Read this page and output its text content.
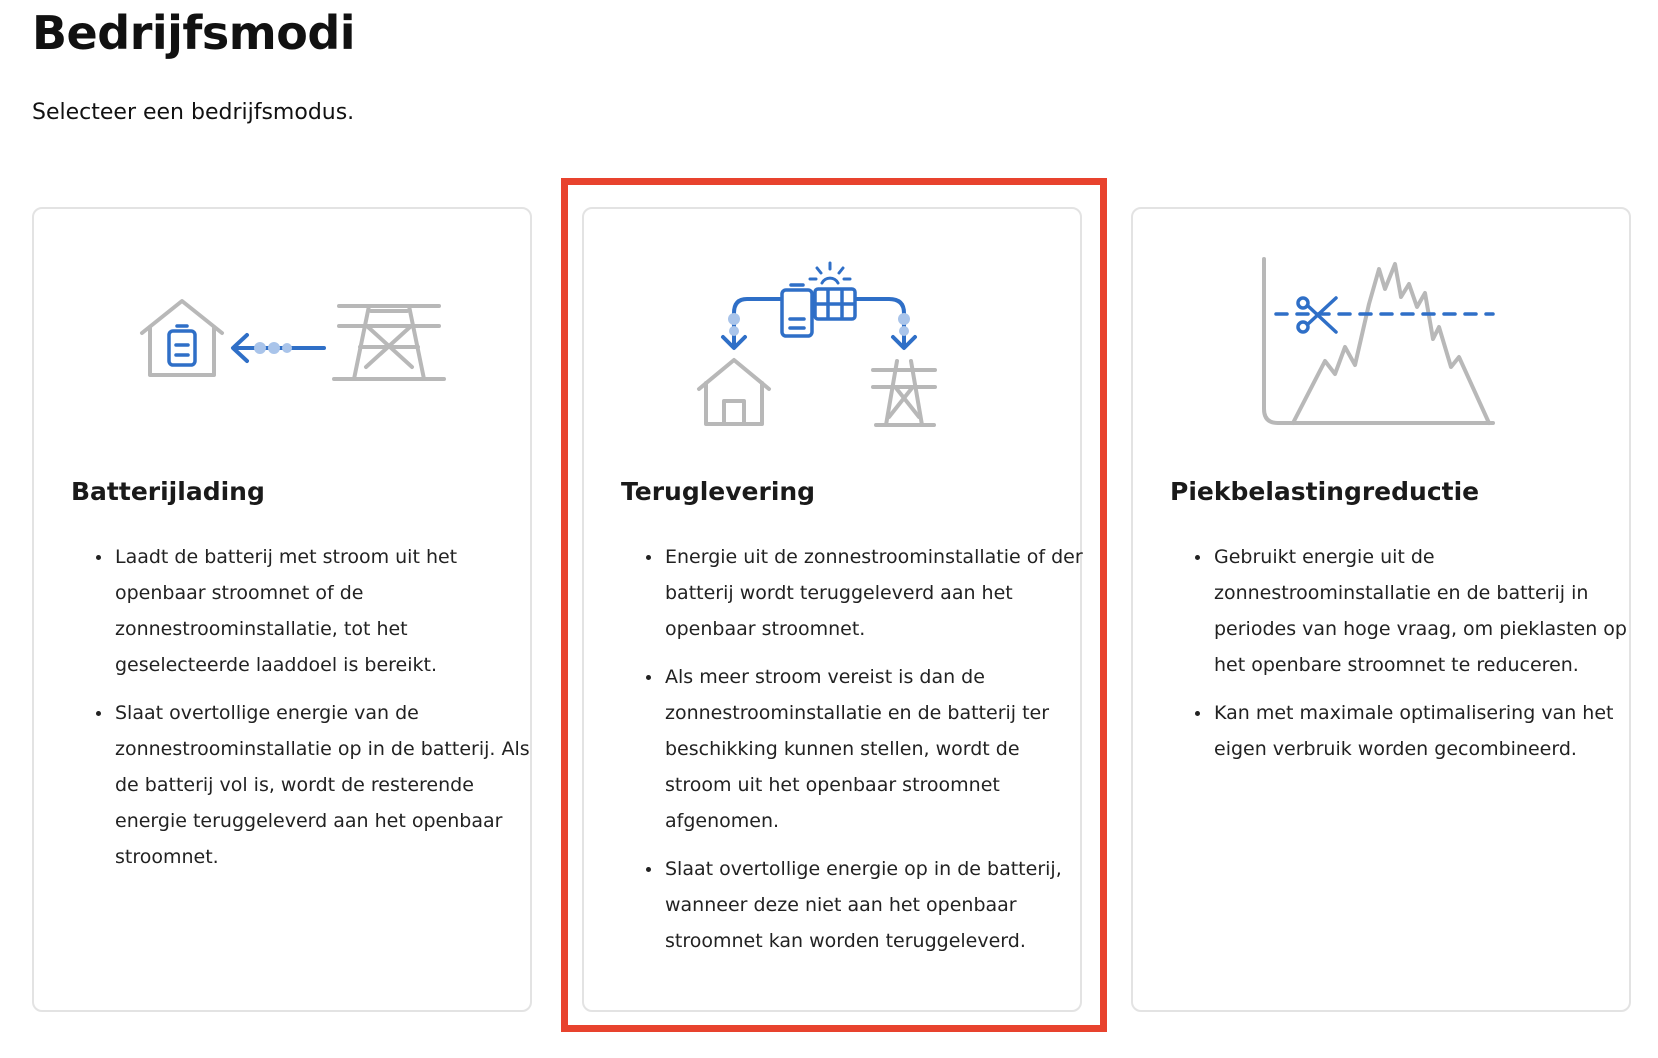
Bedrijfsmodi

Selecteer een bedrijfsmodus.

Batterijlading
• Laadt de batterij met stroom uit het openbaar stroomnet of de zonnestroominstallatie, tot het geselecteerde laaddoel is bereikt.
• Slaat overtollige energie van de zonnestroominstallatie op in de batterij. Als de batterij vol is, wordt de resterende energie teruggeleverd aan het openbaar stroomnet.
Teruglevering
• Energie uit de zonnestroominstallatie of der batterij wordt teruggeleverd aan het openbaar stroomnet.
• Als meer stroom vereist is dan de zonnestroominstallatie en de batterij ter beschikking kunnen stellen, wordt de stroom uit het openbaar stroomnet afgenomen.
• Slaat overtollige energie op in de batterij, wanneer deze niet aan het openbaar stroomnet kan worden teruggeleverd.
Piekbelastingreductie
• Gebruikt energie uit de zonnestroominstallatie en de batterij in periodes van hoge vraag, om pieklasten op het openbare stroomnet te reduceren.
• Kan met maximale optimalisering van het eigen verbruik worden gecombineerd.
